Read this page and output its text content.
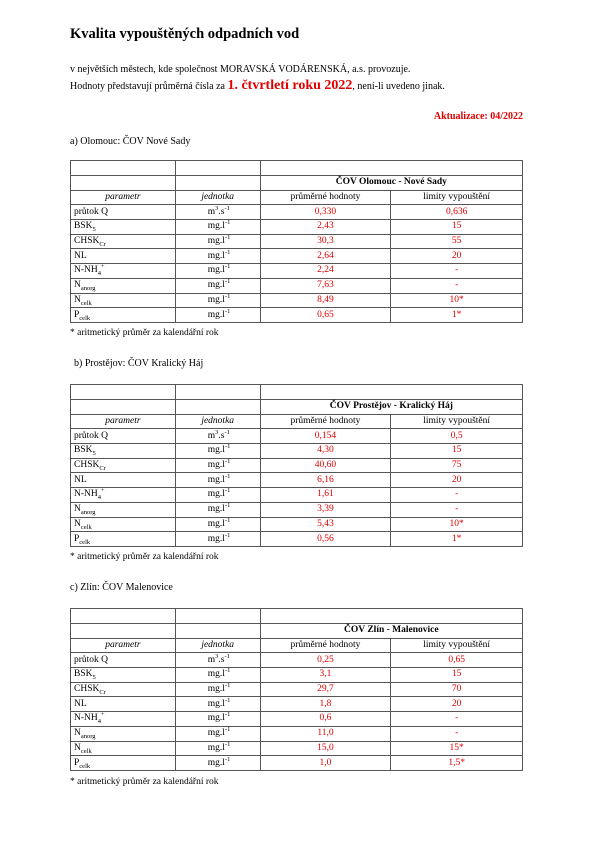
Kvalita vypouštěných odpadních vod
v největších městech, kde společnost MORAVSKÁ VODÁRENSKÁ, a.s. provozuje.
Hodnoty představují průměrná čísla za 1. čtvrtletí roku 2022, není-li uvedeno jinak.
Aktualizace: 04/2022
a) Olomouc: ČOV Nové Sady

		ČOV Olomouc - Nové Sady	
parametr	jednotka	průměrné hodnoty	limity vypouštění
průtok Q	$m^3.s^{-1}$	0,330	0,636
$BSK_5$	$mg.l^{-1}$	2,43	15
$CHSK_{Cr}$	$mg.l^{-1}$	30,3	55
NL	$mg.l^{-1}$	2,64	20
$N-NH_4^+$	$mg.l^{-1}$	2,24	-
$N_{anorg}$	$mg.l^{-1}$	7,63	-
$N_{celk}$	$mg.l^{-1}$	8,49	10*
$P_{celk}$	$mg.l^{-1}$	0,65	1*
* aritmetický průměr za kalendářní rok
b) Prostějov: ČOV Kralický Háj

		ČOV Prostějov - Kralický Háj	
parametr	jednotka	průměrné hodnoty	limity vypouštění
průtok Q	$m^3.s^{-1}$	0,154	0,5
$BSK_5$	$mg.l^{-1}$	4,30	15
$CHSK_{Cr}$	$mg.l^{-1}$	40,60	75
NL	$mg.l^{-1}$	6,16	20
$N-NH_4^+$	$mg.l^{-1}$	1,61	-
$N_{anorg}$	$mg.l^{-1}$	3,39	-
$N_{celk}$	$mg.l^{-1}$	5,43	10*
$P_{celk}$	$mg.l^{-1}$	0,56	1*
* aritmetický průměr za kalendářní rok
c) Zlín: ČOV Malenovice

		ČOV Zlín - Malenovice	
parametr	jednotka	průměrné hodnoty	limity vypouštění
průtok Q	$m^3.s^{-1}$	0,25	0,65
$BSK_5$	$mg.l^{-1}$	3,1	15
$CHSK_{Cr}$	$mg.l^{-1}$	29,7	70
NL	$mg.l^{-1}$	1,8	20
$N-NH_4^+$	$mg.l^{-1}$	0,6	-
$N_{anorg}$	$mg.l^{-1}$	11,0	-
$N_{celk}$	$mg.l^{-1}$	15,0	15*
$P_{celk}$	$mg.l^{-1}$	1,0	1,5*
* aritmetický průměr za kalendářní rok
